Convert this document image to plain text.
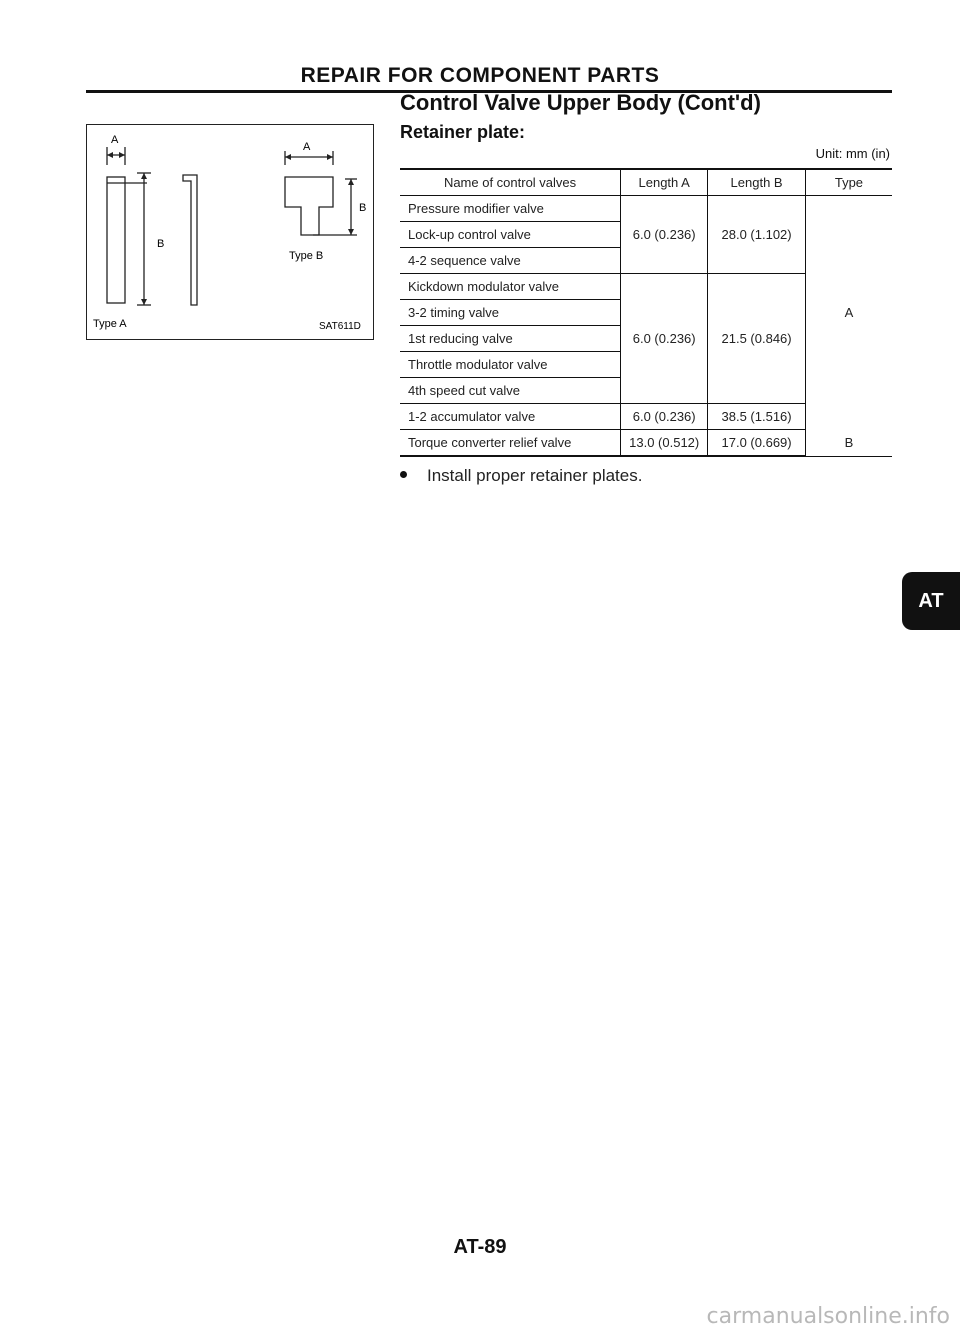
REPAIR FOR COMPONENT PARTS
Control Valve Upper Body (Cont'd)
Retainer plate:
Unit: mm (in)
A
A
B
B
Type B
Type A	SAT611D
Name of control valves	Length A	Length B	Type
Pressure modifier valve	6.0 (0.236)	28.0 (1.102)	A
Lock-up control valve			
4-2 sequence valve			
Kickdown modulator valve	6.0 (0.236)	21.5 (0.846)	
3-2 timing valve			
1st reducing valve			
Throttle modulator valve			
4th speed cut valve			
1-2 accumulator valve	6.0 (0.236)	38.5 (1.516)	
Torque converter relief valve	13.0 (0.512)	17.0 (0.669)	B
Install proper retainer plates.
AT
AT-89
carmanualsonline.info
